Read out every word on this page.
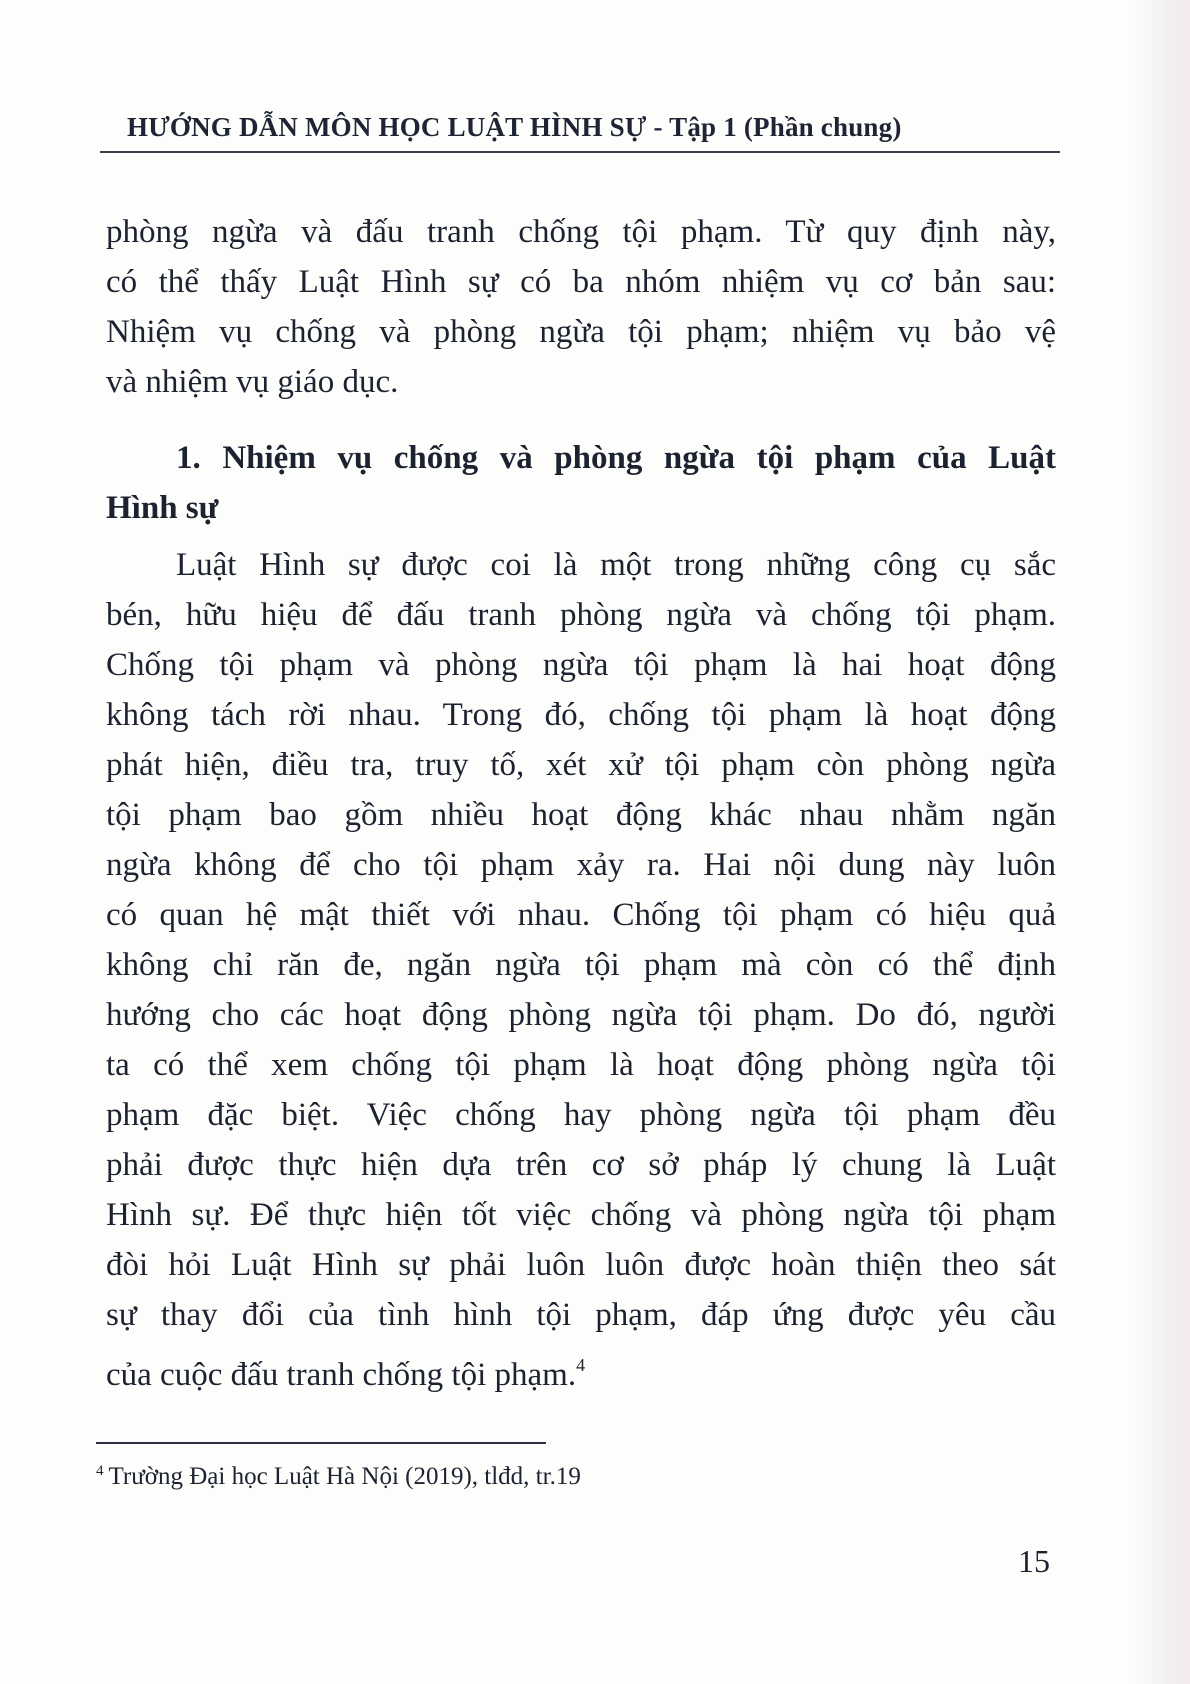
HƯỚNG DẪN MÔN HỌC LUẬT HÌNH SỰ - Tập 1 (Phần chung)
phòng ngừa và đấu tranh chống tội phạm. Từ quy định này,
có thể thấy Luật Hình sự có ba nhóm nhiệm vụ cơ bản sau:
Nhiệm vụ chống và phòng ngừa tội phạm; nhiệm vụ bảo vệ
và nhiệm vụ giáo dục.
1. Nhiệm vụ chống và phòng ngừa tội phạm của Luật
Hình sự
Luật Hình sự được coi là một trong những công cụ sắc
bén, hữu hiệu để đấu tranh phòng ngừa và chống tội phạm.
Chống tội phạm và phòng ngừa tội phạm là hai hoạt động
không tách rời nhau. Trong đó, chống tội phạm là hoạt động
phát hiện, điều tra, truy tố, xét xử tội phạm còn phòng ngừa
tội phạm bao gồm nhiều hoạt động khác nhau nhằm ngăn
ngừa không để cho tội phạm xảy ra. Hai nội dung này luôn
có quan hệ mật thiết với nhau. Chống tội phạm có hiệu quả
không chỉ răn đe, ngăn ngừa tội phạm mà còn có thể định
hướng cho các hoạt động phòng ngừa tội phạm. Do đó, người
ta có thể xem chống tội phạm là hoạt động phòng ngừa tội
phạm đặc biệt. Việc chống hay phòng ngừa tội phạm đều
phải được thực hiện dựa trên cơ sở pháp lý chung là Luật
Hình sự. Để thực hiện tốt việc chống và phòng ngừa tội phạm
đòi hỏi Luật Hình sự phải luôn luôn được hoàn thiện theo sát
sự thay đổi của tình hình tội phạm, đáp ứng được yêu cầu
của cuộc đấu tranh chống tội phạm.$^4$
$^4$ Trường Đại học Luật Hà Nội (2019), tlđd, tr.19
15
